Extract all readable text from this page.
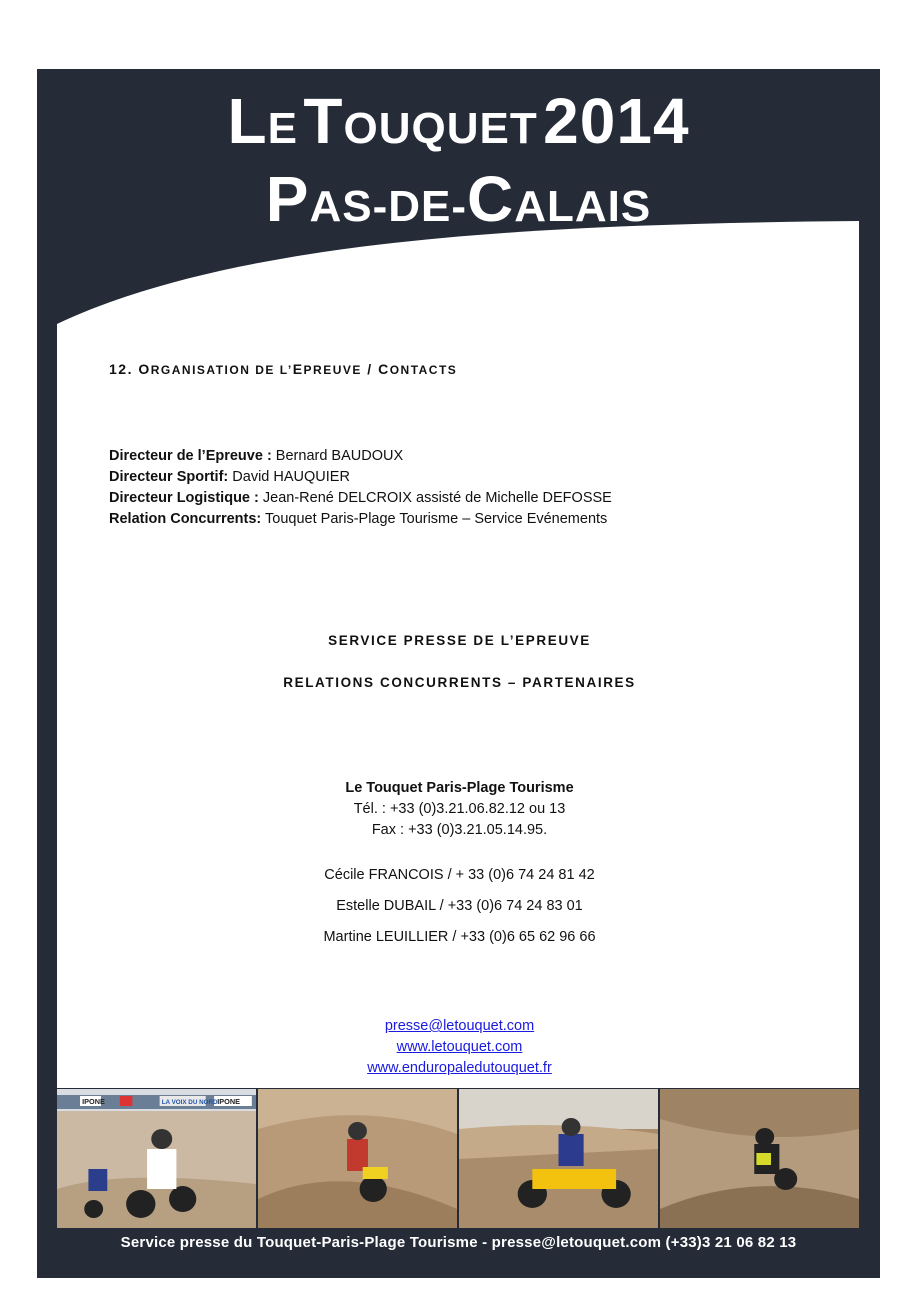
LE TOUQUET 2014
PAS-DE-CALAIS
12. ORGANISATION DE L’EPREUVE / CONTACTS
Directeur de l’Epreuve : Bernard BAUDOUX
Directeur Sportif: David HAUQUIER
Directeur Logistique : Jean-René DELCROIX assisté de Michelle DEFOSSE
Relation Concurrents: Touquet Paris-Plage Tourisme – Service Evénements
SERVICE PRESSE DE L’EPREUVE
RELATIONS CONCURRENTS – PARTENAIRES
Le Touquet Paris-Plage Tourisme
Tél. : +33 (0)3.21.06.82.12 ou 13
Fax : +33 (0)3.21.05.14.95.
Cécile FRANCOIS / + 33 (0)6 74 24 81 42
Estelle DUBAIL / +33 (0)6 74 24 83 01
Martine LEUILLIER / +33 (0)6 65 62 96 66
presse@letouquet.com
www.letouquet.com
www.enduropaledutouquet.fr
IPONE	LA VOIX DU NORD IPONE
Service presse du Touquet-Paris-Plage Tourisme - presse@letouquet.com (+33)3 21 06 82 13
